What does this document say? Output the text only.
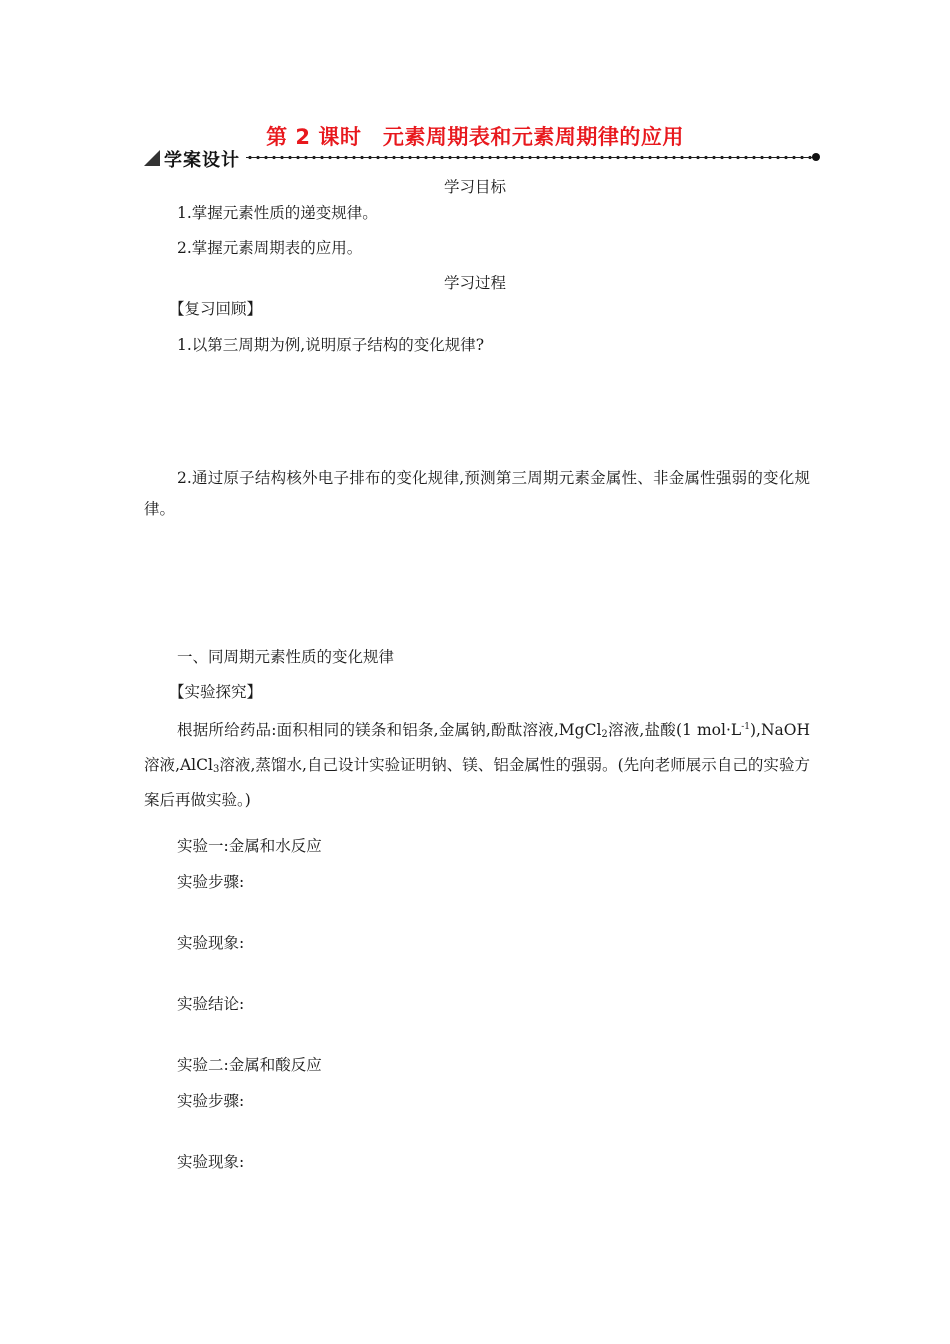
第 2 课时　元素周期表和元素周期律的应用
学案设计
学习目标
1.掌握元素性质的递变规律。
2.掌握元素周期表的应用。
学习过程
【复习回顾】
1.以第三周期为例,说明原子结构的变化规律?
2.通过原子结构核外电子排布的变化规律,预测第三周期元素金属性、非金属性强弱的变化规律。
一、同周期元素性质的变化规律
【实验探究】
根据所给药品:面积相同的镁条和铝条,金属钠,酚酞溶液,MgCl$_2$溶液,盐酸(1 $mol\cdot L^{-1}),NaOH$ 溶液,AlCl$_3$溶液,蒸馏水,自己设计实验证明钠、镁、铝金属性的强弱。(先向老师展示自己的实验方案后再做实验。)
实验一:金属和水反应
实验步骤:
实验现象:
实验结论:
实验二:金属和酸反应
实验步骤:
实验现象:
